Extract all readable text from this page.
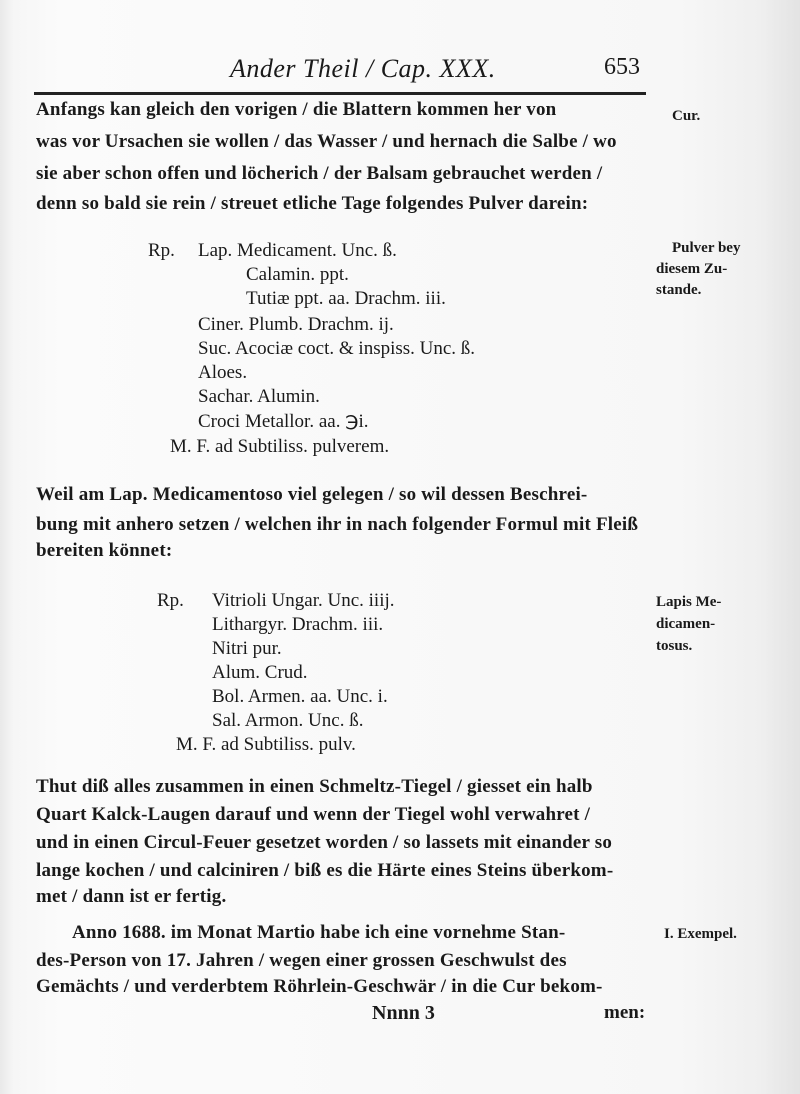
Ander Theil / Cap. XXX.	653
Anfangs kan gleich den vorigen / die Blattern kommen her von
was vor Ursachen sie wollen / das Wasser / und hernach die Salbe / wo
sie aber schon offen und löcherich / der Balsam gebrauchet werden /
denn so bald sie rein / streuet etliche Tage folgendes Pulver darein:
Rp. Lap. Medicament. Unc. ß.
Calamin. ppt.
Tutiæ ppt. aa. Drachm. iii.
Ciner. Plumb. Drachm. ij.
Suc. Acociæ coct. & inspiss. Unc. ß.
Aloes.
Sachar. Alumin.
Croci Metallor. aa. ℈i.
M. F. ad Subtiliss. pulverem.
Weil am Lap. Medicamentoso viel gelegen / so wil dessen Beschrei-
bung mit anhero setzen / welchen ihr in nach folgender Formul mit Fleiß
bereiten könnet:
Rp. Vitrioli Ungar. Unc. iiij.
Lithargyr. Drachm. iii.
Nitri pur.
Alum. Crud.
Bol. Armen. aa. Unc. i.
Sal. Armon. Unc. ß.
M. F. ad Subtiliss. pulv.
Thut diß alles zusammen in einen Schmeltz-Tiegel / giesset ein halb
Quart Kalck-Laugen darauf und wenn der Tiegel wohl verwahret /
und in einen Circul-Feuer gesetzet worden / so lassets mit einander so
lange kochen / und calciniren / biß es die Härte eines Steins überkom-
met / dann ist er fertig.
Anno 1688. im Monat Martio habe ich eine vornehme Stan-
des-Person von 17. Jahren / wegen einer grossen Geschwulst des
Gemächts / und verderbtem Röhrlein-Geschwär / in die Cur bekom-
Cur.
Pulver bey
diesem Zu-
stande.
Lapis Me-
dicamen-
tosus.
I. Exempel.
Nnnn 3	men:
